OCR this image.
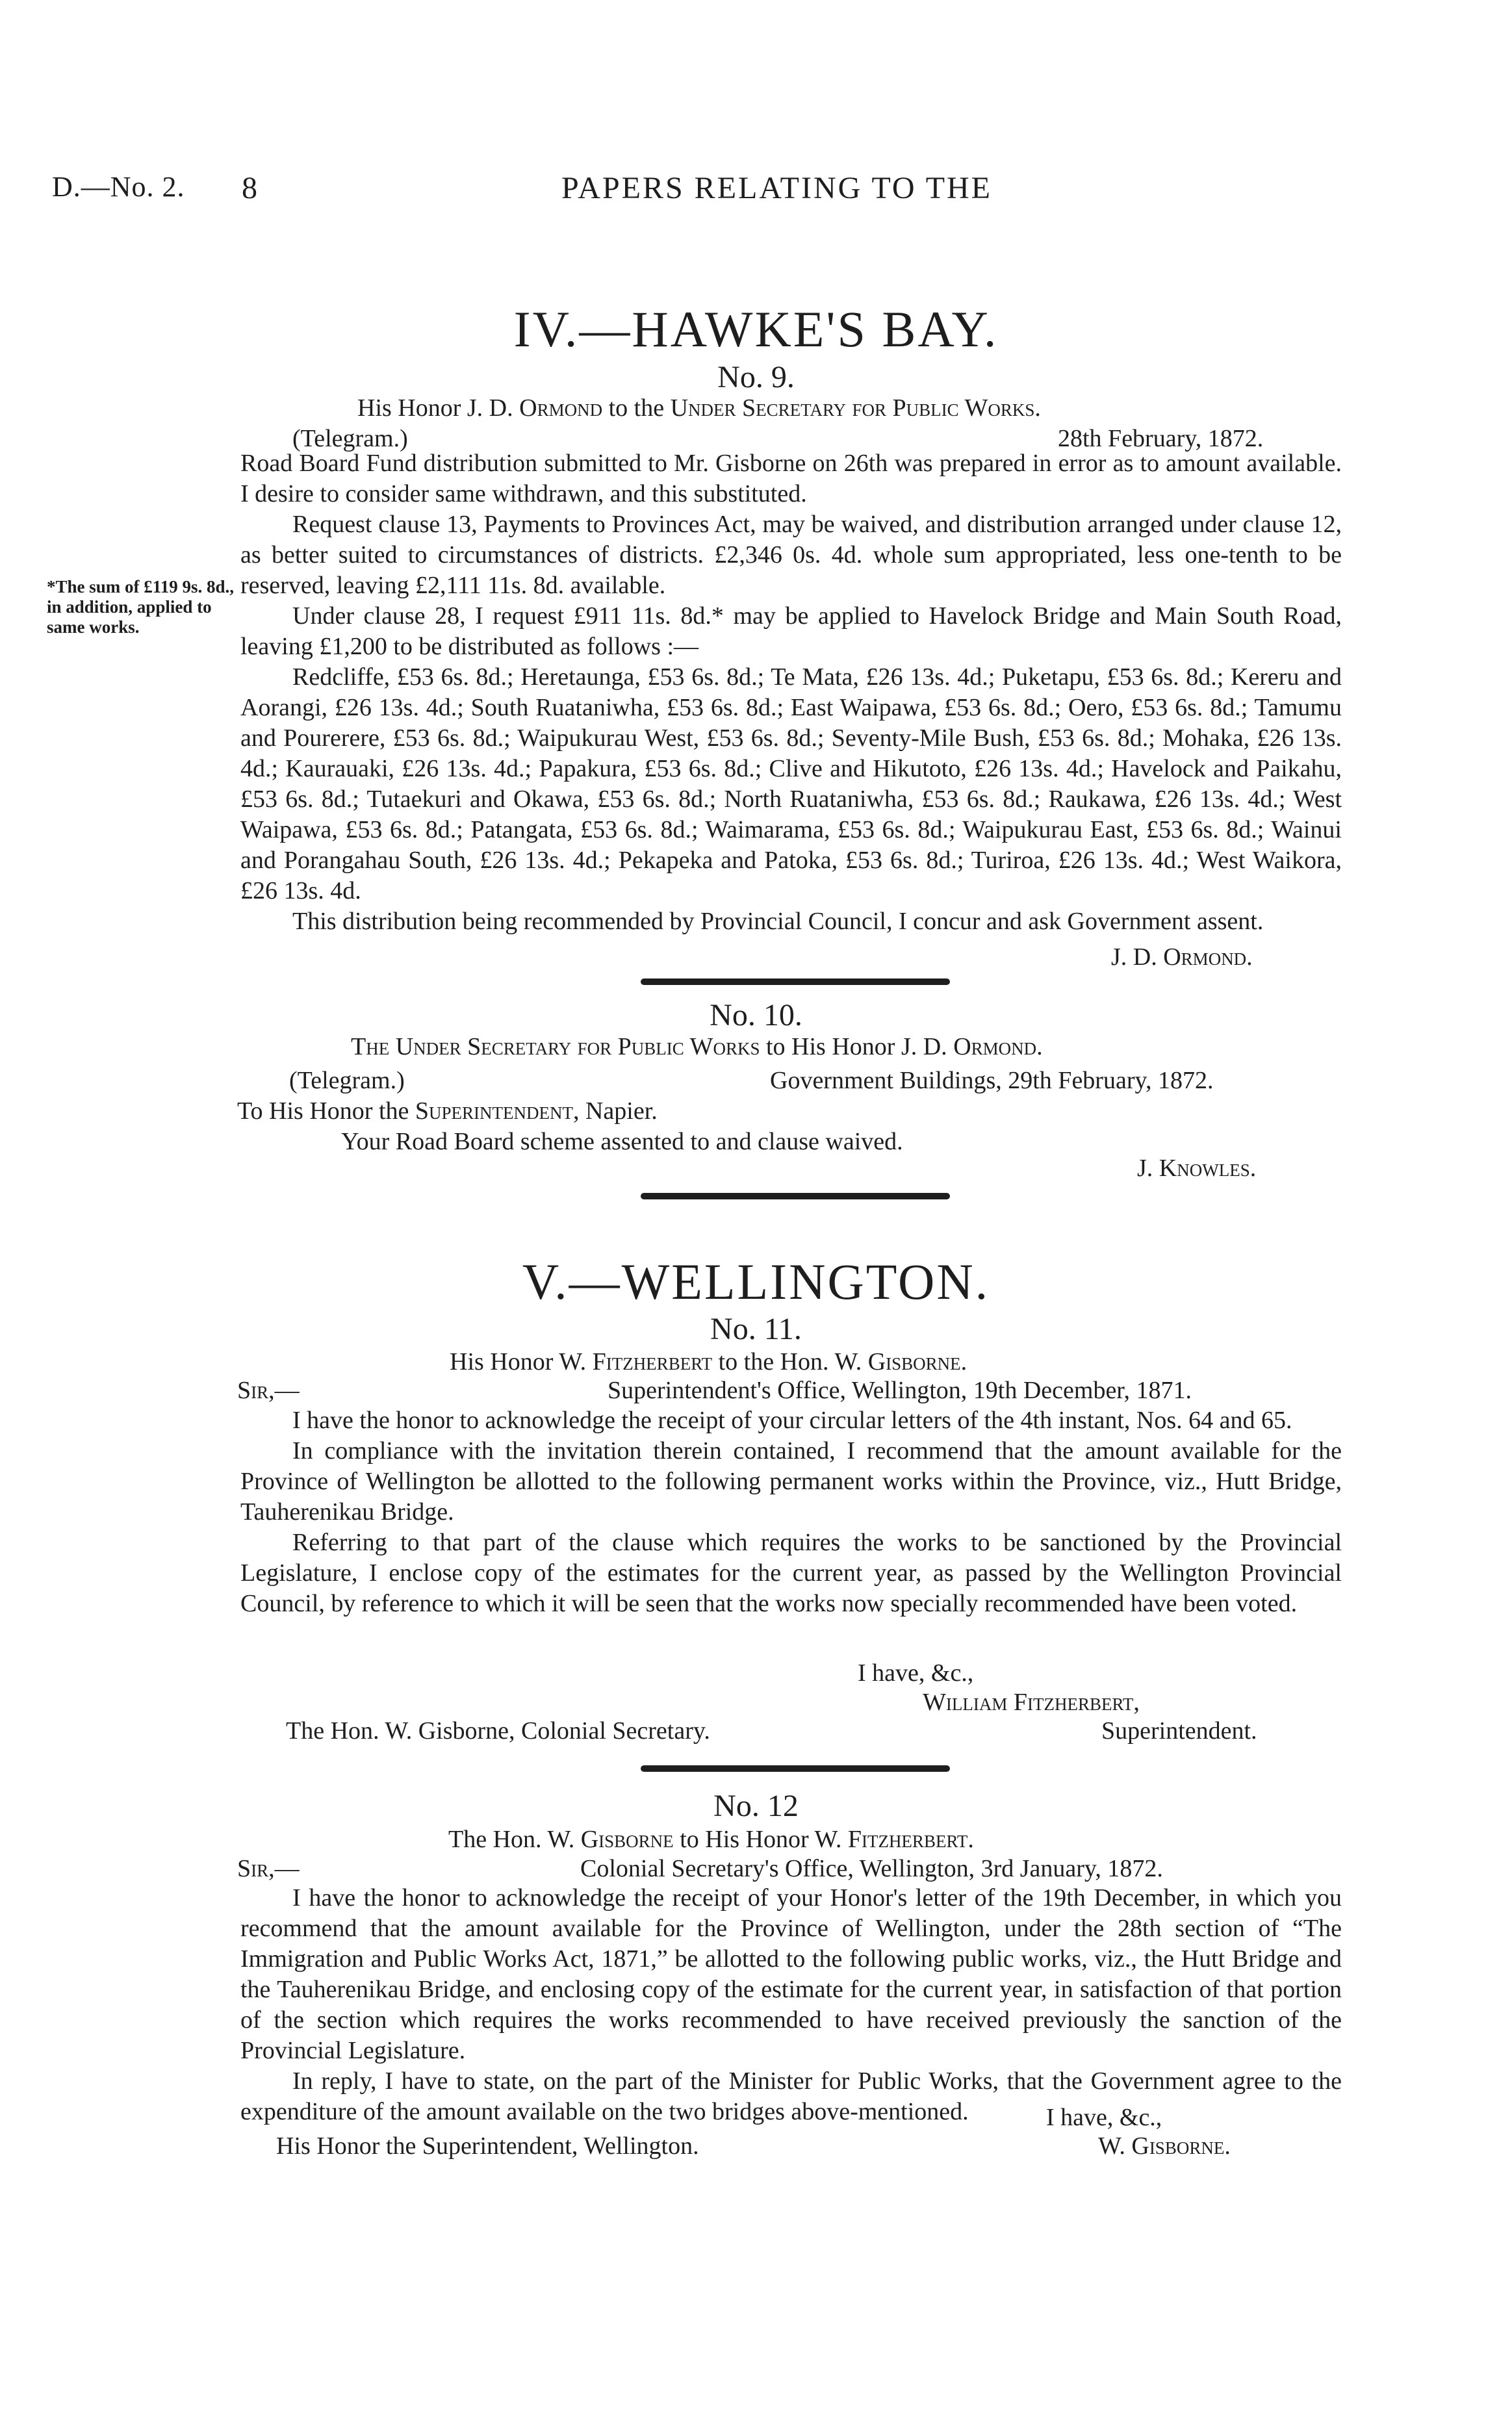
D.—No. 2. 8	PAPERS RELATING TO THE
IV.—HAWKE'S BAY.
No. 9.
His Honor J. D. Ormond to the Under Secretary for Public Works.
(Telegram.)	28th February, 1872.

Road Board Fund distribution submitted to Mr. Gisborne on 26th was prepared in error as to amount available. I desire to consider same withdrawn, and this substituted.

Request clause 13, Payments to Provinces Act, may be waived, and distribution arranged under clause 12, as better suited to circumstances of districts. £2,346 0s. 4d. whole sum appropriated, less one-tenth to be reserved, leaving £2,111 11s. 8d. available.

Under clause 28, I request £911 11s. 8d.* may be applied to Havelock Bridge and Main South Road, leaving £1,200 to be distributed as follows :—

Redcliffe, £53 6s. 8d.; Heretaunga, £53 6s. 8d.; Te Mata, £26 13s. 4d.; Puketapu, £53 6s. 8d.; Kereru and Aorangi, £26 13s. 4d.; South Ruataniwha, £53 6s. 8d.; East Waipawa, £53 6s. 8d.; Oero, £53 6s. 8d.; Tamumu and Pourerere, £53 6s. 8d.; Waipukurau West, £53 6s. 8d.; Seventy-Mile Bush, £53 6s. 8d.; Mohaka, £26 13s. 4d.; Kaurauaki, £26 13s. 4d.; Papakura, £53 6s. 8d.; Clive and Hikutoto, £26 13s. 4d.; Havelock and Paikahu, £53 6s. 8d.; Tutaekuri and Okawa, £53 6s. 8d.; North Ruataniwha, £53 6s. 8d.; Raukawa, £26 13s. 4d.; West Waipawa, £53 6s. 8d.; Patangata, £53 6s. 8d.; Waimarama, £53 6s. 8d.; Waipukurau East, £53 6s. 8d.; Wainui and Porangahau South, £26 13s. 4d.; Pekapeka and Patoka, £53 6s. 8d.; Turiroa, £26 13s. 4d.; West Waikora, £26 13s. 4d.

This distribution being recommended by Provincial Council, I concur and ask Government assent.

*The sum of £119 9s. 8d., in addition, applied to same works.
J. D. Ormond.
No. 10.
The Under Secretary for Public Works to His Honor J. D. Ormond.
(Telegram.)	Government Buildings, 29th February, 1872.
To His Honor the Superintendent, Napier.
Your Road Board scheme assented to and clause waived.
J. Knowles.
V.—WELLINGTON.
No. 11.
His Honor W. Fitzherbert to the Hon. W. Gisborne.
Sir,—	Superintendent's Office, Wellington, 19th December, 1871.

I have the honor to acknowledge the receipt of your circular letters of the 4th instant, Nos. 64 and 65.

In compliance with the invitation therein contained, I recommend that the amount available for the Province of Wellington be allotted to the following permanent works within the Province, viz., Hutt Bridge, Tauherenikau Bridge.

Referring to that part of the clause which requires the works to be sanctioned by the Provincial Legislature, I enclose copy of the estimates for the current year, as passed by the Wellington Provincial Council, by reference to which it will be seen that the works now specially recommended have been voted.

I have, &c.,
William Fitzherbert,
The Hon. W. Gisborne, Colonial Secretary.	Superintendent.
No. 12
The Hon. W. Gisborne to His Honor W. Fitzherbert.
Sir,—	Colonial Secretary's Office, Wellington, 3rd January, 1872.

I have the honor to acknowledge the receipt of your Honor's letter of the 19th December, in which you recommend that the amount available for the Province of Wellington, under the 28th section of “The Immigration and Public Works Act, 1871,” be allotted to the following public works, viz., the Hutt Bridge and the Tauherenikau Bridge, and enclosing copy of the estimate for the current year, in satisfaction of that portion of the section which requires the works recommended to have received previously the sanction of the Provincial Legislature.

In reply, I have to state, on the part of the Minister for Public Works, that the Government agree to the expenditure of the amount available on the two bridges above-mentioned.	I have, &c.,
His Honor the Superintendent, Wellington.	W. Gisborne.
